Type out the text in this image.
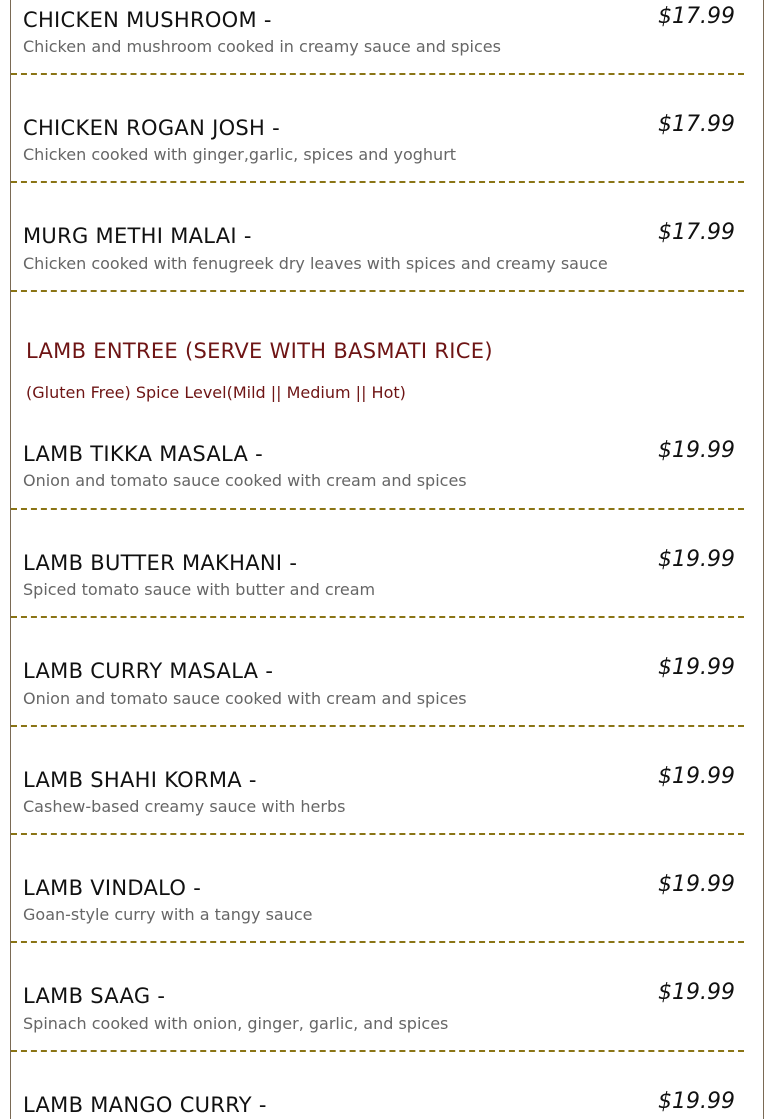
CHICKEN MUSHROOM -	$17.99
Chicken and mushroom cooked in creamy sauce and spices
CHICKEN ROGAN JOSH -	$17.99
Chicken cooked with ginger,garlic, spices and yoghurt
MURG METHI MALAI -	$17.99
Chicken cooked with fenugreek dry leaves with spices and creamy sauce
LAMB ENTREE (SERVE WITH BASMATI RICE)
(Gluten Free) Spice Level(Mild || Medium || Hot)
LAMB TIKKA MASALA -	$19.99
Onion and tomato sauce cooked with cream and spices
LAMB BUTTER MAKHANI -	$19.99
Spiced tomato sauce with butter and cream
LAMB CURRY MASALA -	$19.99
Onion and tomato sauce cooked with cream and spices
LAMB SHAHI KORMA -	$19.99
Cashew-based creamy sauce with herbs
LAMB VINDALO -	$19.99
Goan-style curry with a tangy sauce
LAMB SAAG -	$19.99
Spinach cooked with onion, ginger, garlic, and spices
LAMB MANGO CURRY -	$19.99
